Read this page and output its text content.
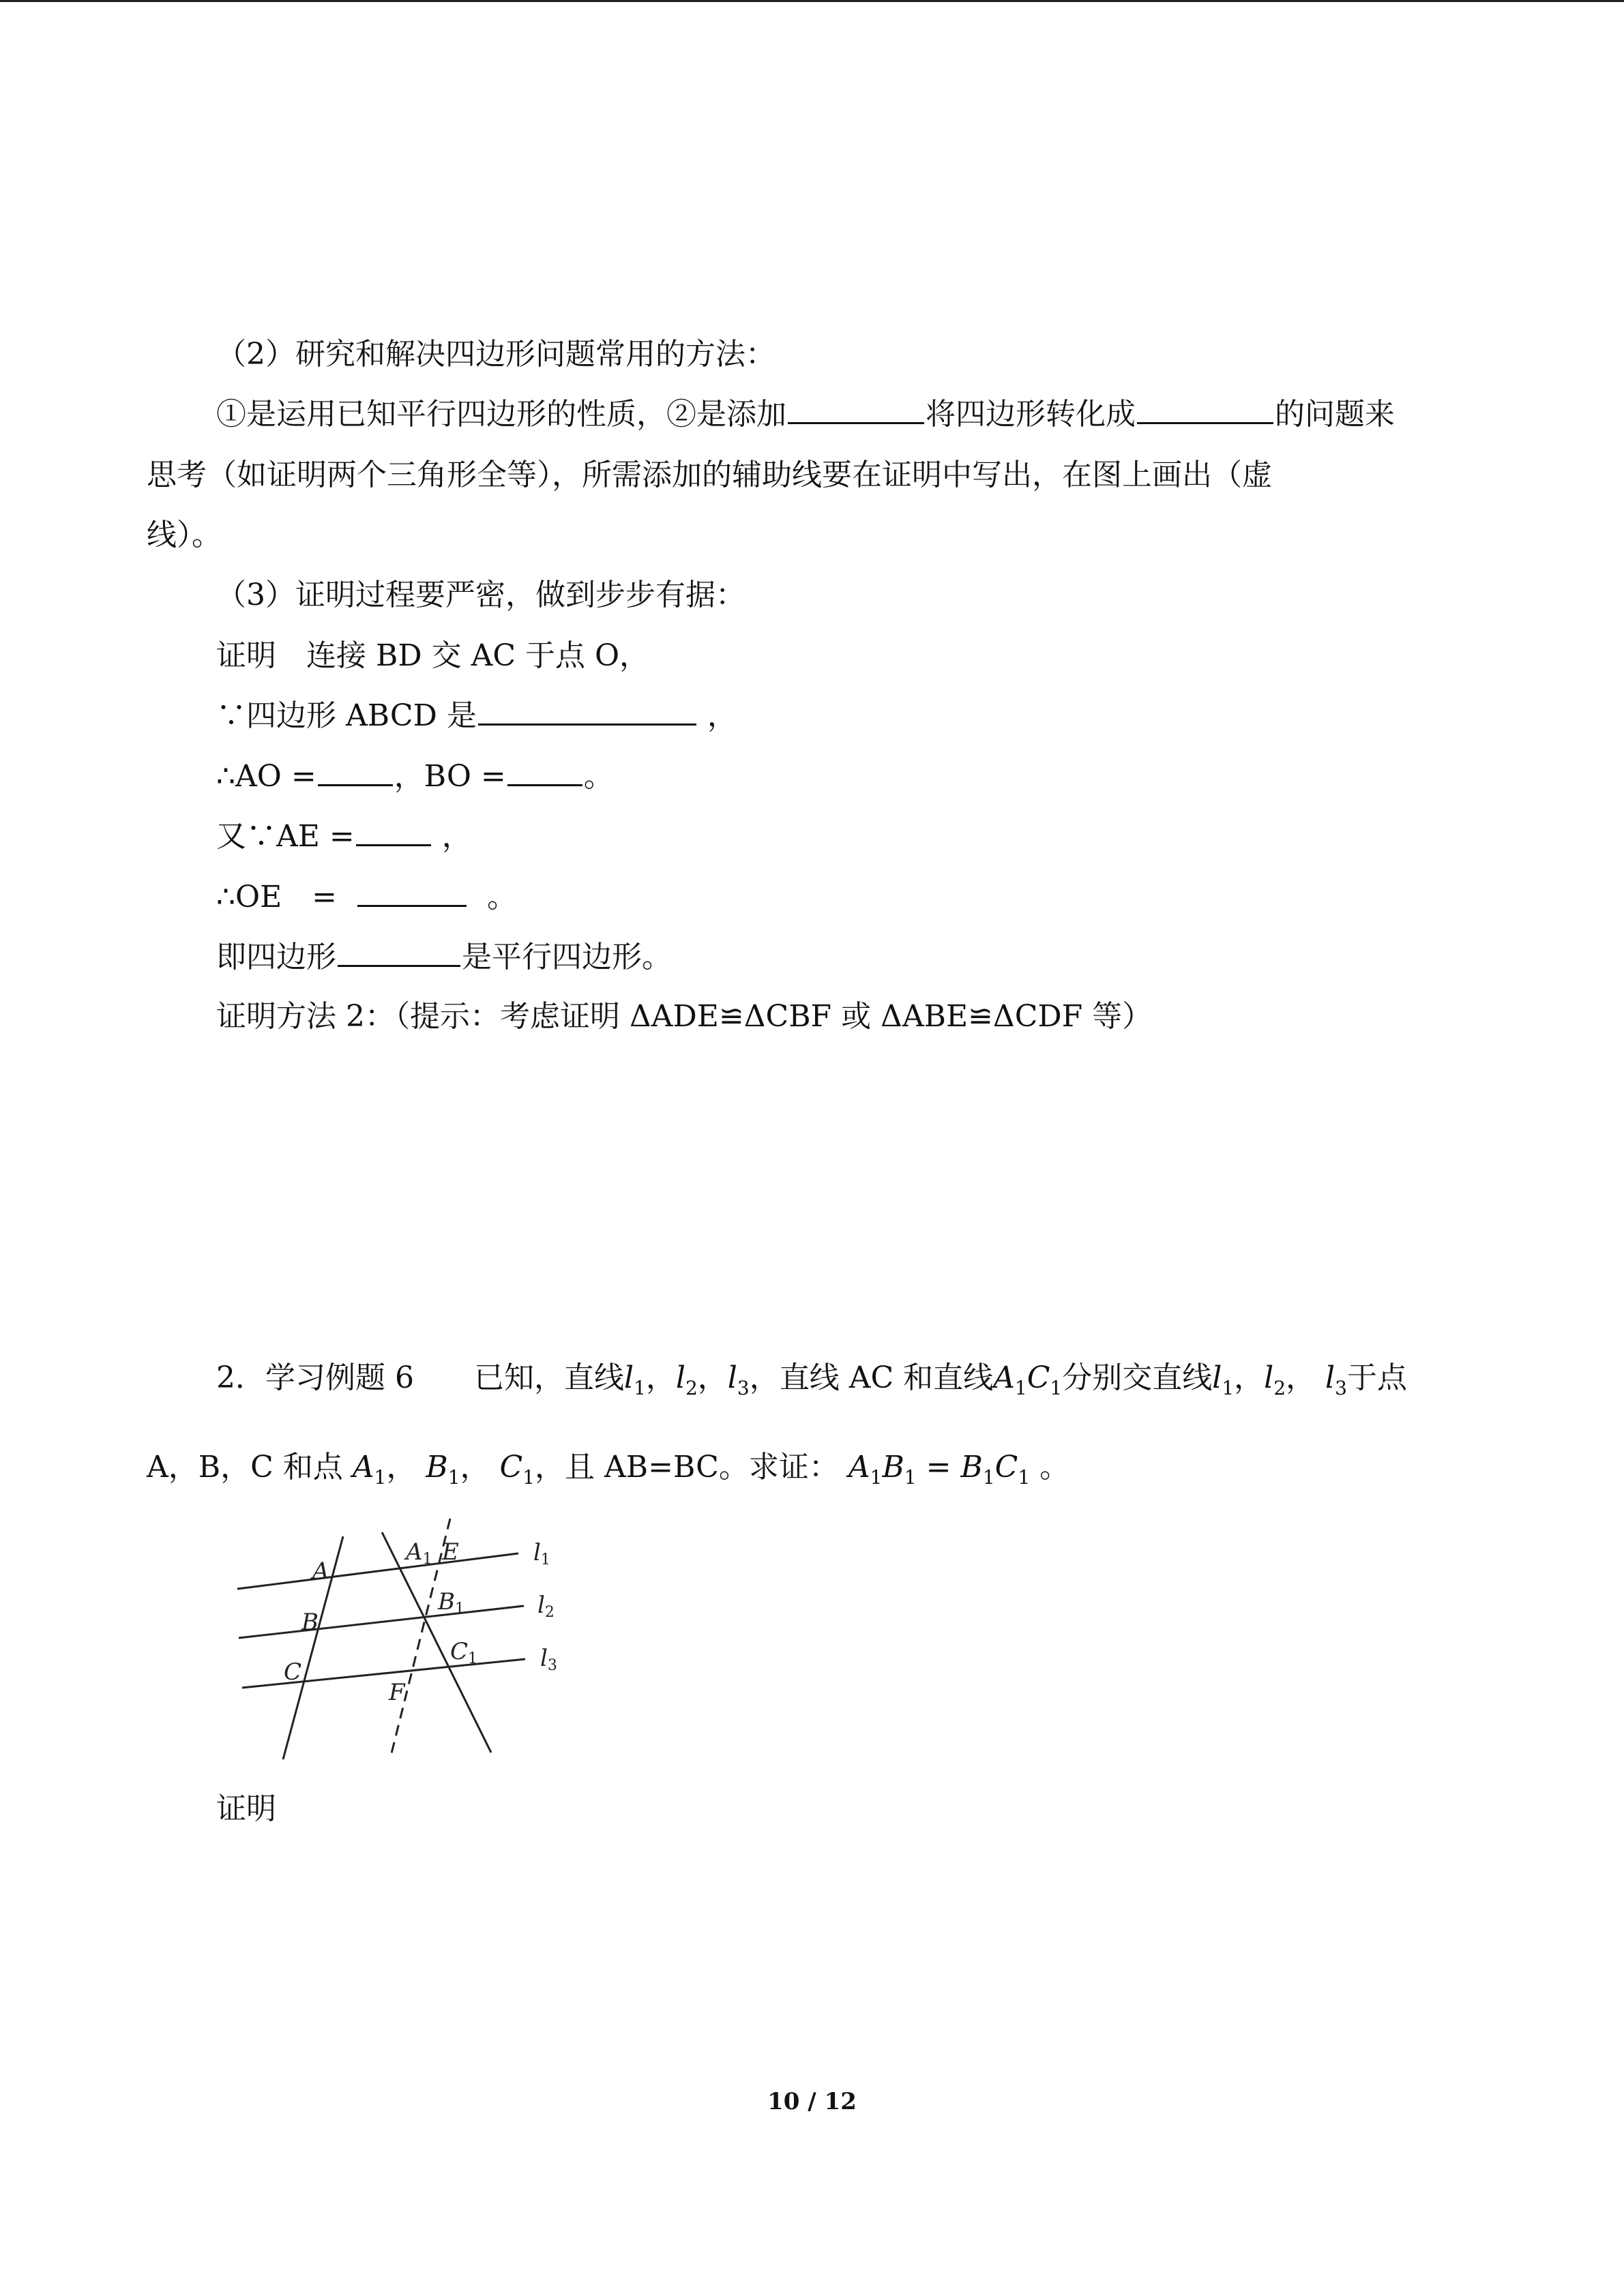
（2）研究和解决四边形问题常用的方法：
①是运用已知平行四边形的性质，②是添加	将四边形转化成	的问题来
思考（如证明两个三角形全等），所需添加的辅助线要在证明中写出，在图上画出（虚
线）。
（3）证明过程要严密，做到步步有据：
证明　连接 BD 交 AC 于点 O，
∵四边形 ABCD 是	，
∴AO =	，BO =	。
又∵AE =	，
∴OE　=	。
即四边形	是平行四边形。
证明方法 2：（提示：考虑证明 ΔADE≌ΔCBF 或 ΔABE≌ΔCDF 等）
2．学习例题 6　　已知，直线$l_1$，$l_2$，$l_3$，直线 AC 和直线$A_1C_1$分别交直线$l_1$，$l_2$， $l_3$于点
A，B，C 和点 $A_1$， $B_1$， $C_1$，且 AB=BC。求证： $A_1B_1 = B_1C_1$ 。
A
B
C
A1 E
B1
C1
F
l1
l2
l3
证明
10 / 12
